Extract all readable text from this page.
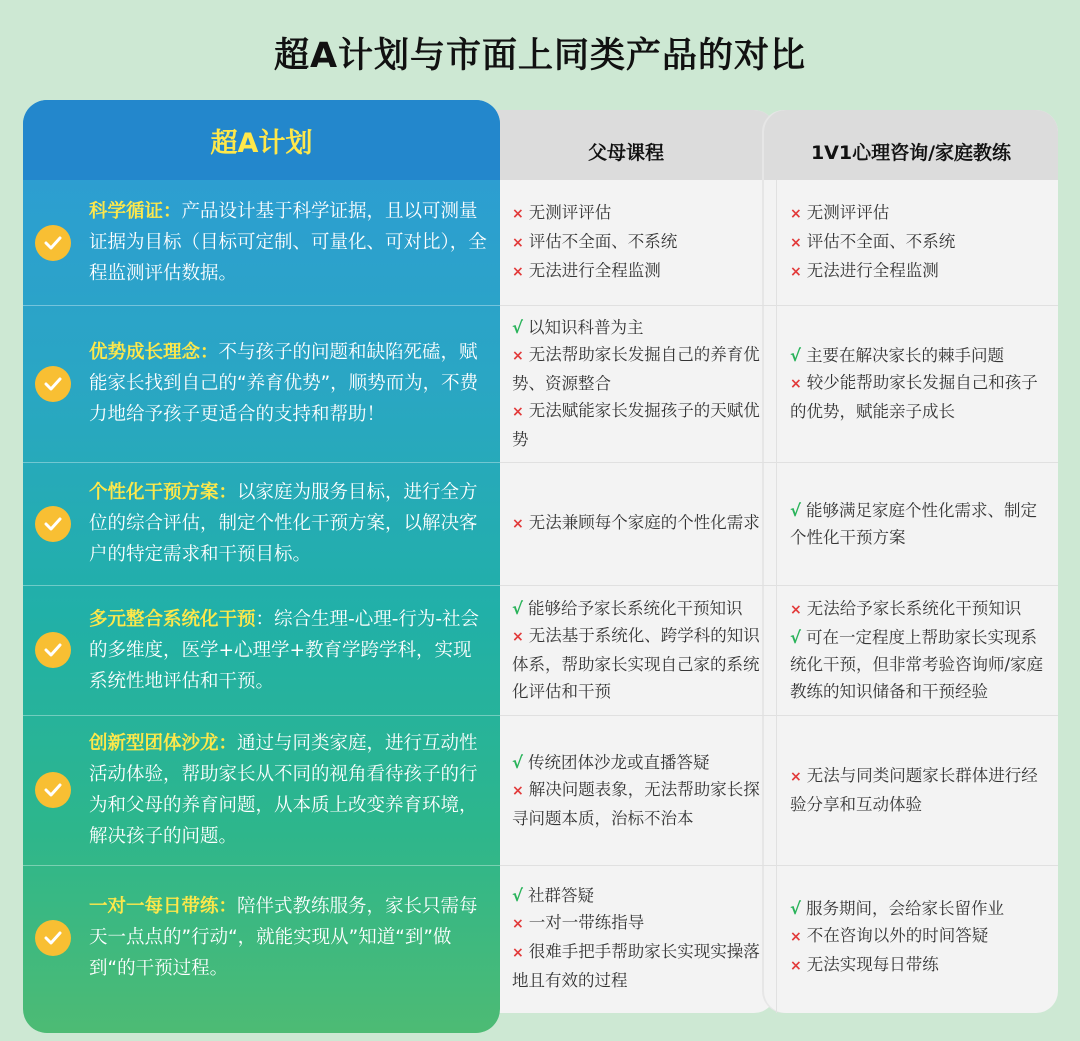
超A计划与市面上同类产品的对比
父母课程	1V1心理咨询/家庭教练
超A计划
科学循证：产品设计基于科学证据，且以可测量证据为目标（目标可定制、可量化、可对比），全程监测评估数据。
优势成长理念：不与孩子的问题和缺陷死磕，赋能家长找到自己的“养育优势”，顺势而为，不费力地给予孩子更适合的支持和帮助！
个性化干预方案：以家庭为服务目标，进行全方位的综合评估，制定个性化干预方案，以解决客户的特定需求和干预目标。
多元整合系统化干预：综合生理-心理-行为-社会的多维度，医学+心理学+教育学跨学科，实现系统性地评估和干预。
创新型团体沙龙：通过与同类家庭，进行互动性活动体验，帮助家长从不同的视角看待孩子的行为和父母的养育问题，从本质上改变养育环境，解决孩子的问题。
一对一每日带练：陪伴式教练服务，家长只需每天一点点的”行动“，就能实现从”知道“到”做到“的干预过程。
× 无测评评估
× 评估不全面、不系统
× 无法进行全程监测
× 无测评评估
× 评估不全面、不系统
× 无法进行全程监测
√ 以知识科普为主
× 无法帮助家长发掘自己的养育优势、资源整合
× 无法赋能家长发掘孩子的天赋优势
√ 主要在解决家长的棘手问题
× 较少能帮助家长发掘自己和孩子的优势，赋能亲子成长
× 无法兼顾每个家庭的个性化需求
√ 能够满足家庭个性化需求、制定个性化干预方案
√ 能够给予家长系统化干预知识
× 无法基于系统化、跨学科的知识体系，帮助家长实现自己家的系统化评估和干预
× 无法给予家长系统化干预知识
√ 可在一定程度上帮助家长实现系统化干预，但非常考验咨询师/家庭教练的知识储备和干预经验
√ 传统团体沙龙或直播答疑
× 解决问题表象，无法帮助家长探寻问题本质，治标不治本
× 无法与同类问题家长群体进行经验分享和互动体验
√ 社群答疑
× 一对一带练指导
× 很难手把手帮助家长实现实操落地且有效的过程
√ 服务期间，会给家长留作业
× 不在咨询以外的时间答疑
× 无法实现每日带练
